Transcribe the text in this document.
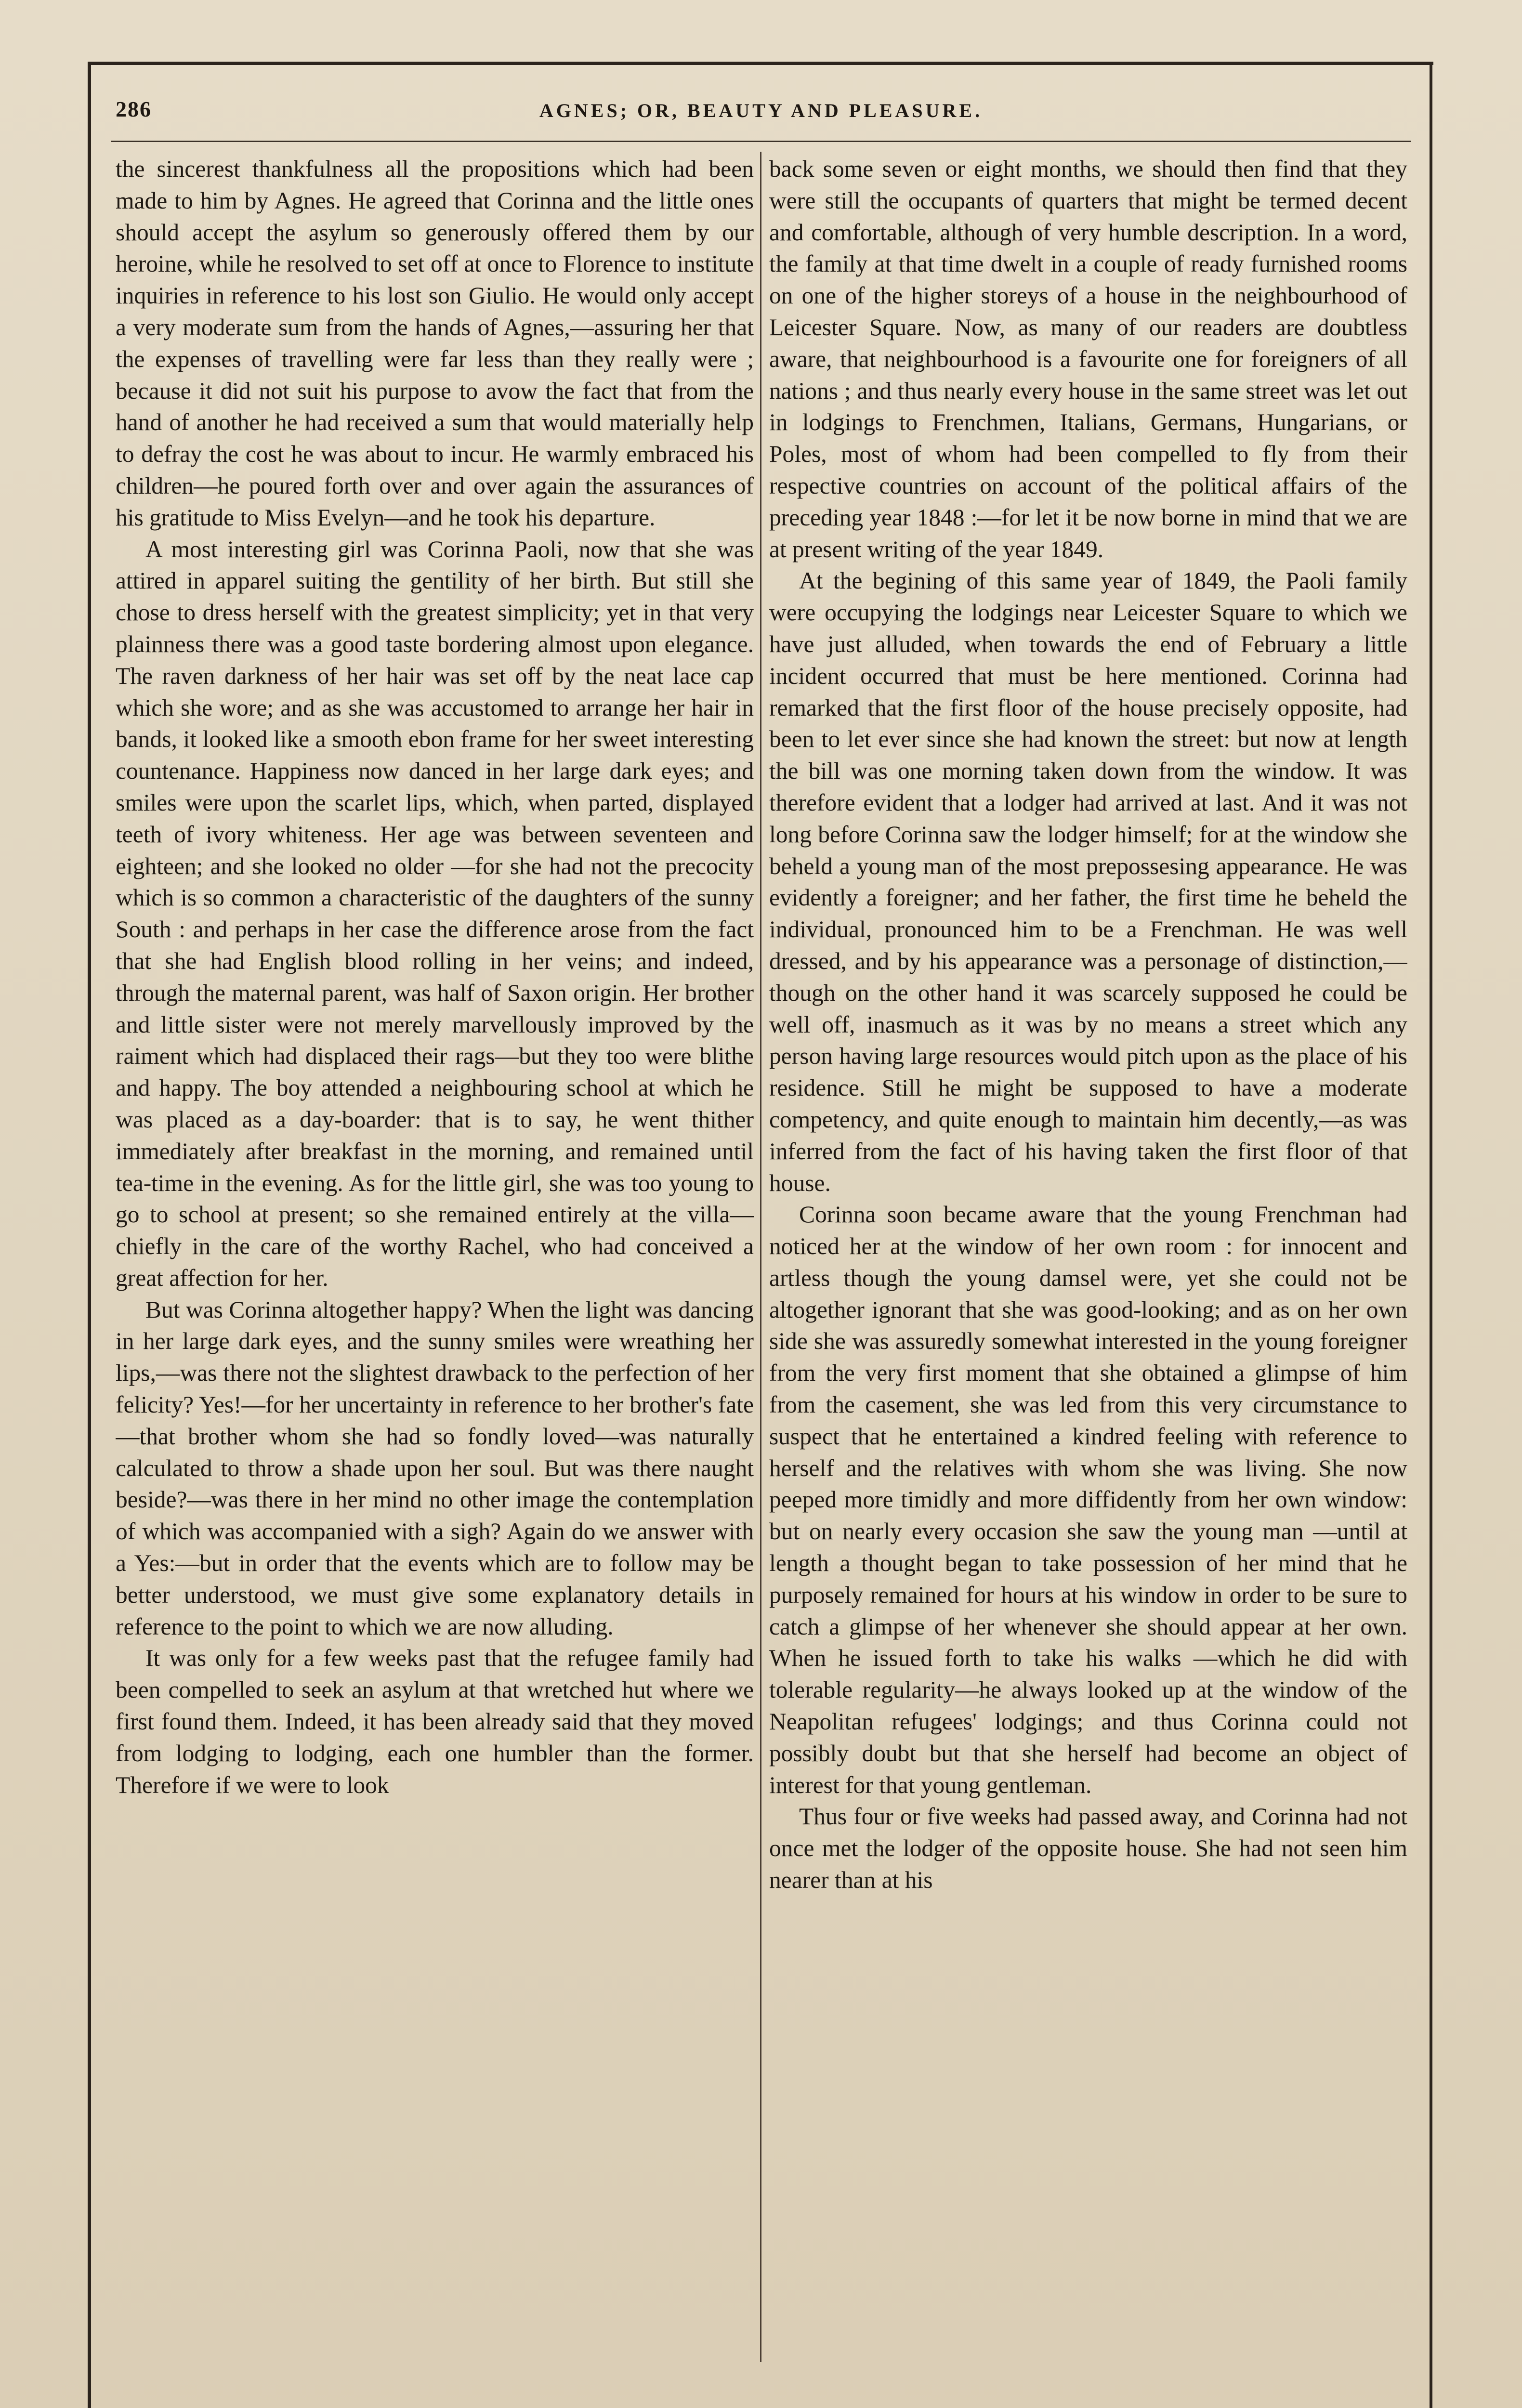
286	AGNES; OR, BEAUTY AND PLEASURE.

the sincerest thankfulness all the propositions which had been made to him by Agnes. He agreed that Corinna and the little ones should accept the asylum so generously offered them by our heroine, while he resolved to set off at once to Florence to institute inquiries in reference to his lost son Giulio. He would only accept a very moderate sum from the hands of Agnes,—assuring her that the expenses of travelling were far less than they really were ; because it did not suit his purpose to avow the fact that from the hand of another he had received a sum that would materially help to defray the cost he was about to incur. He warmly embraced his children—he poured forth over and over again the assurances of his gratitude to Miss Evelyn—and he took his departure.

A most interesting girl was Corinna Paoli, now that she was attired in apparel suiting the gentility of her birth. But still she chose to dress herself with the greatest simplicity; yet in that very plainness there was a good taste bordering almost upon elegance. The raven darkness of her hair was set off by the neat lace cap which she wore; and as she was accustomed to arrange her hair in bands, it looked like a smooth ebon frame for her sweet interesting countenance. Happiness now danced in her large dark eyes; and smiles were upon the scarlet lips, which, when parted, displayed teeth of ivory whiteness. Her age was between seventeen and eighteen; and she looked no older —for she had not the precocity which is so common a characteristic of the daughters of the sunny South : and perhaps in her case the difference arose from the fact that she had English blood rolling in her veins; and indeed, through the maternal parent, was half of Saxon origin. Her brother and little sister were not merely marvellously improved by the raiment which had displaced their rags—but they too were blithe and happy. The boy attended a neighbouring school at which he was placed as a day-boarder: that is to say, he went thither immediately after breakfast in the morning, and remained until tea-time in the evening. As for the little girl, she was too young to go to school at present; so she remained entirely at the villa—chiefly in the care of the worthy Rachel, who had conceived a great affection for her.

But was Corinna altogether happy? When the light was dancing in her large dark eyes, and the sunny smiles were wreathing her lips,—was there not the slightest drawback to the perfection of her felicity? Yes!—for her uncertainty in reference to her brother's fate—that brother whom she had so fondly loved—was naturally calculated to throw a shade upon her soul. But was there naught beside?—was there in her mind no other image the contemplation of which was accompanied with a sigh? Again do we answer with a Yes:—but in order that the events which are to follow may be better understood, we must give some explanatory details in reference to the point to which we are now alluding.

It was only for a few weeks past that the refugee family had been compelled to seek an asylum at that wretched hut where we first found them. Indeed, it has been already said that they moved from lodging to lodging, each one humbler than the former. Therefore if we were to look

back some seven or eight months, we should then find that they were still the occupants of quarters that might be termed decent and comfortable, although of very humble description. In a word, the family at that time dwelt in a couple of ready furnished rooms on one of the higher storeys of a house in the neighbourhood of Leicester Square. Now, as many of our readers are doubtless aware, that neighbourhood is a favourite one for foreigners of all nations ; and thus nearly every house in the same street was let out in lodgings to Frenchmen, Italians, Germans, Hungarians, or Poles, most of whom had been compelled to fly from their respective countries on account of the political affairs of the preceding year 1848 :—for let it be now borne in mind that we are at present writing of the year 1849.

At the begining of this same year of 1849, the Paoli family were occupying the lodgings near Leicester Square to which we have just alluded, when towards the end of February a little incident occurred that must be here mentioned. Corinna had remarked that the first floor of the house precisely opposite, had been to let ever since she had known the street: but now at length the bill was one morning taken down from the window. It was therefore evident that a lodger had arrived at last. And it was not long before Corinna saw the lodger himself; for at the window she beheld a young man of the most prepossesing appearance. He was evidently a foreigner; and her father, the first time he beheld the individual, pronounced him to be a Frenchman. He was well dressed, and by his appearance was a personage of distinction,—though on the other hand it was scarcely supposed he could be well off, inasmuch as it was by no means a street which any person having large resources would pitch upon as the place of his residence. Still he might be supposed to have a moderate competency, and quite enough to maintain him decently,—as was inferred from the fact of his having taken the first floor of that house.

Corinna soon became aware that the young Frenchman had noticed her at the window of her own room : for innocent and artless though the young damsel were, yet she could not be altogether ignorant that she was good-looking; and as on her own side she was assuredly somewhat interested in the young foreigner from the very first moment that she obtained a glimpse of him from the casement, she was led from this very circumstance to suspect that he entertained a kindred feeling with reference to herself and the relatives with whom she was living. She now peeped more timidly and more diffidently from her own window: but on nearly every occasion she saw the young man —until at length a thought began to take possession of her mind that he purposely remained for hours at his window in order to be sure to catch a glimpse of her whenever she should appear at her own. When he issued forth to take his walks —which he did with tolerable regularity—he always looked up at the window of the Neapolitan refugees' lodgings; and thus Corinna could not possibly doubt but that she herself had become an object of interest for that young gentleman.

Thus four or five weeks had passed away, and Corinna had not once met the lodger of the opposite house. She had not seen him nearer than at his
